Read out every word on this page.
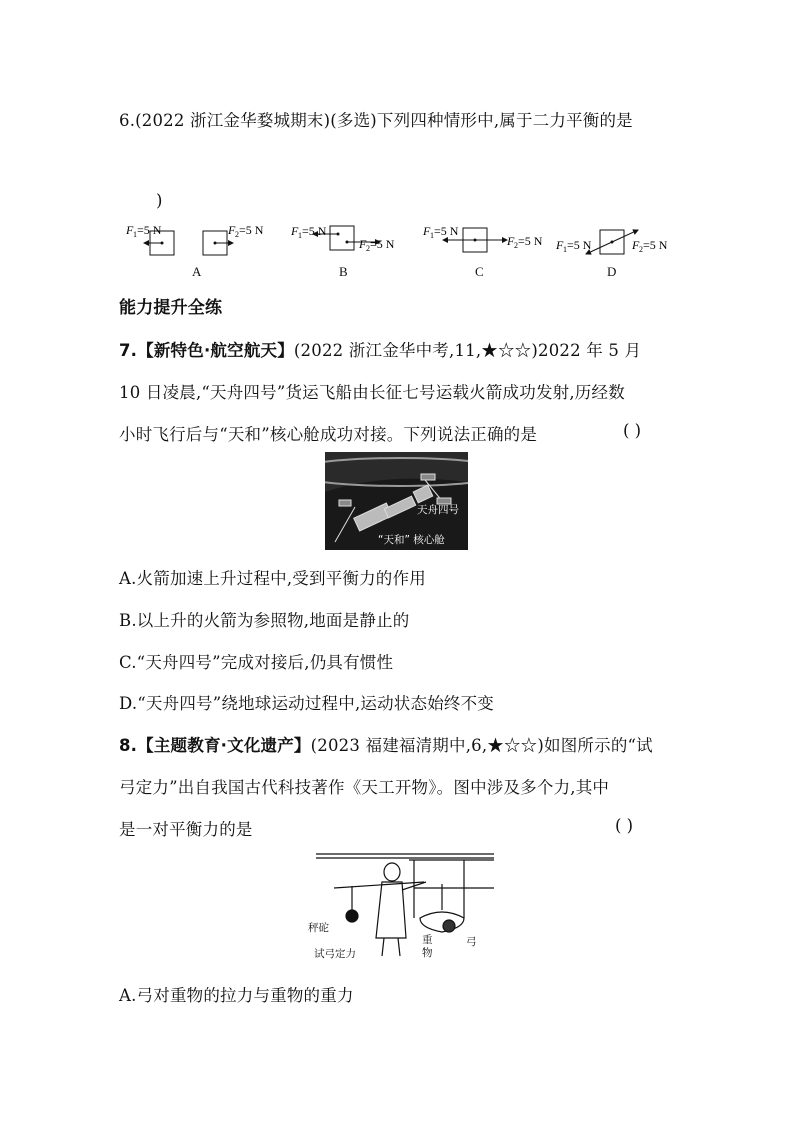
6.(2022 浙江金华婺城期末)(多选)下列四种情形中,属于二力平衡的是
)
F 1 =5 N	F 2 =5 N F 1 =5 N
F 2 =5 N
F 1 =5 N
F 2 =5 N F 1 =5 N	F 2 =5 N
A	B	C	D
能力提升全练
7.【新特色·航空航天】(2022 浙江金华中考,11,★☆☆)2022 年 5 月
10 日凌晨,“天舟四号”货运飞船由长征七号运载火箭成功发射,历经数
小时飞行后与“天和”核心舱成功对接。下列说法正确的是	( )
天舟四号
“天和” 核心舱
A.火箭加速上升过程中,受到平衡力的作用
B.以上升的火箭为参照物,地面是静止的
C.“天舟四号”完成对接后,仍具有惯性
D.“天舟四号”绕地球运动过程中,运动状态始终不变
8.【主题教育·文化遗产】(2023 福建福清期中,6,★☆☆)如图所示的“试
弓定力”出自我国古代科技著作《天工开物》。图中涉及多个力,其中
是一对平衡力的是	( )
秤砣
试弓定力
重
物
弓
A.弓对重物的拉力与重物的重力
